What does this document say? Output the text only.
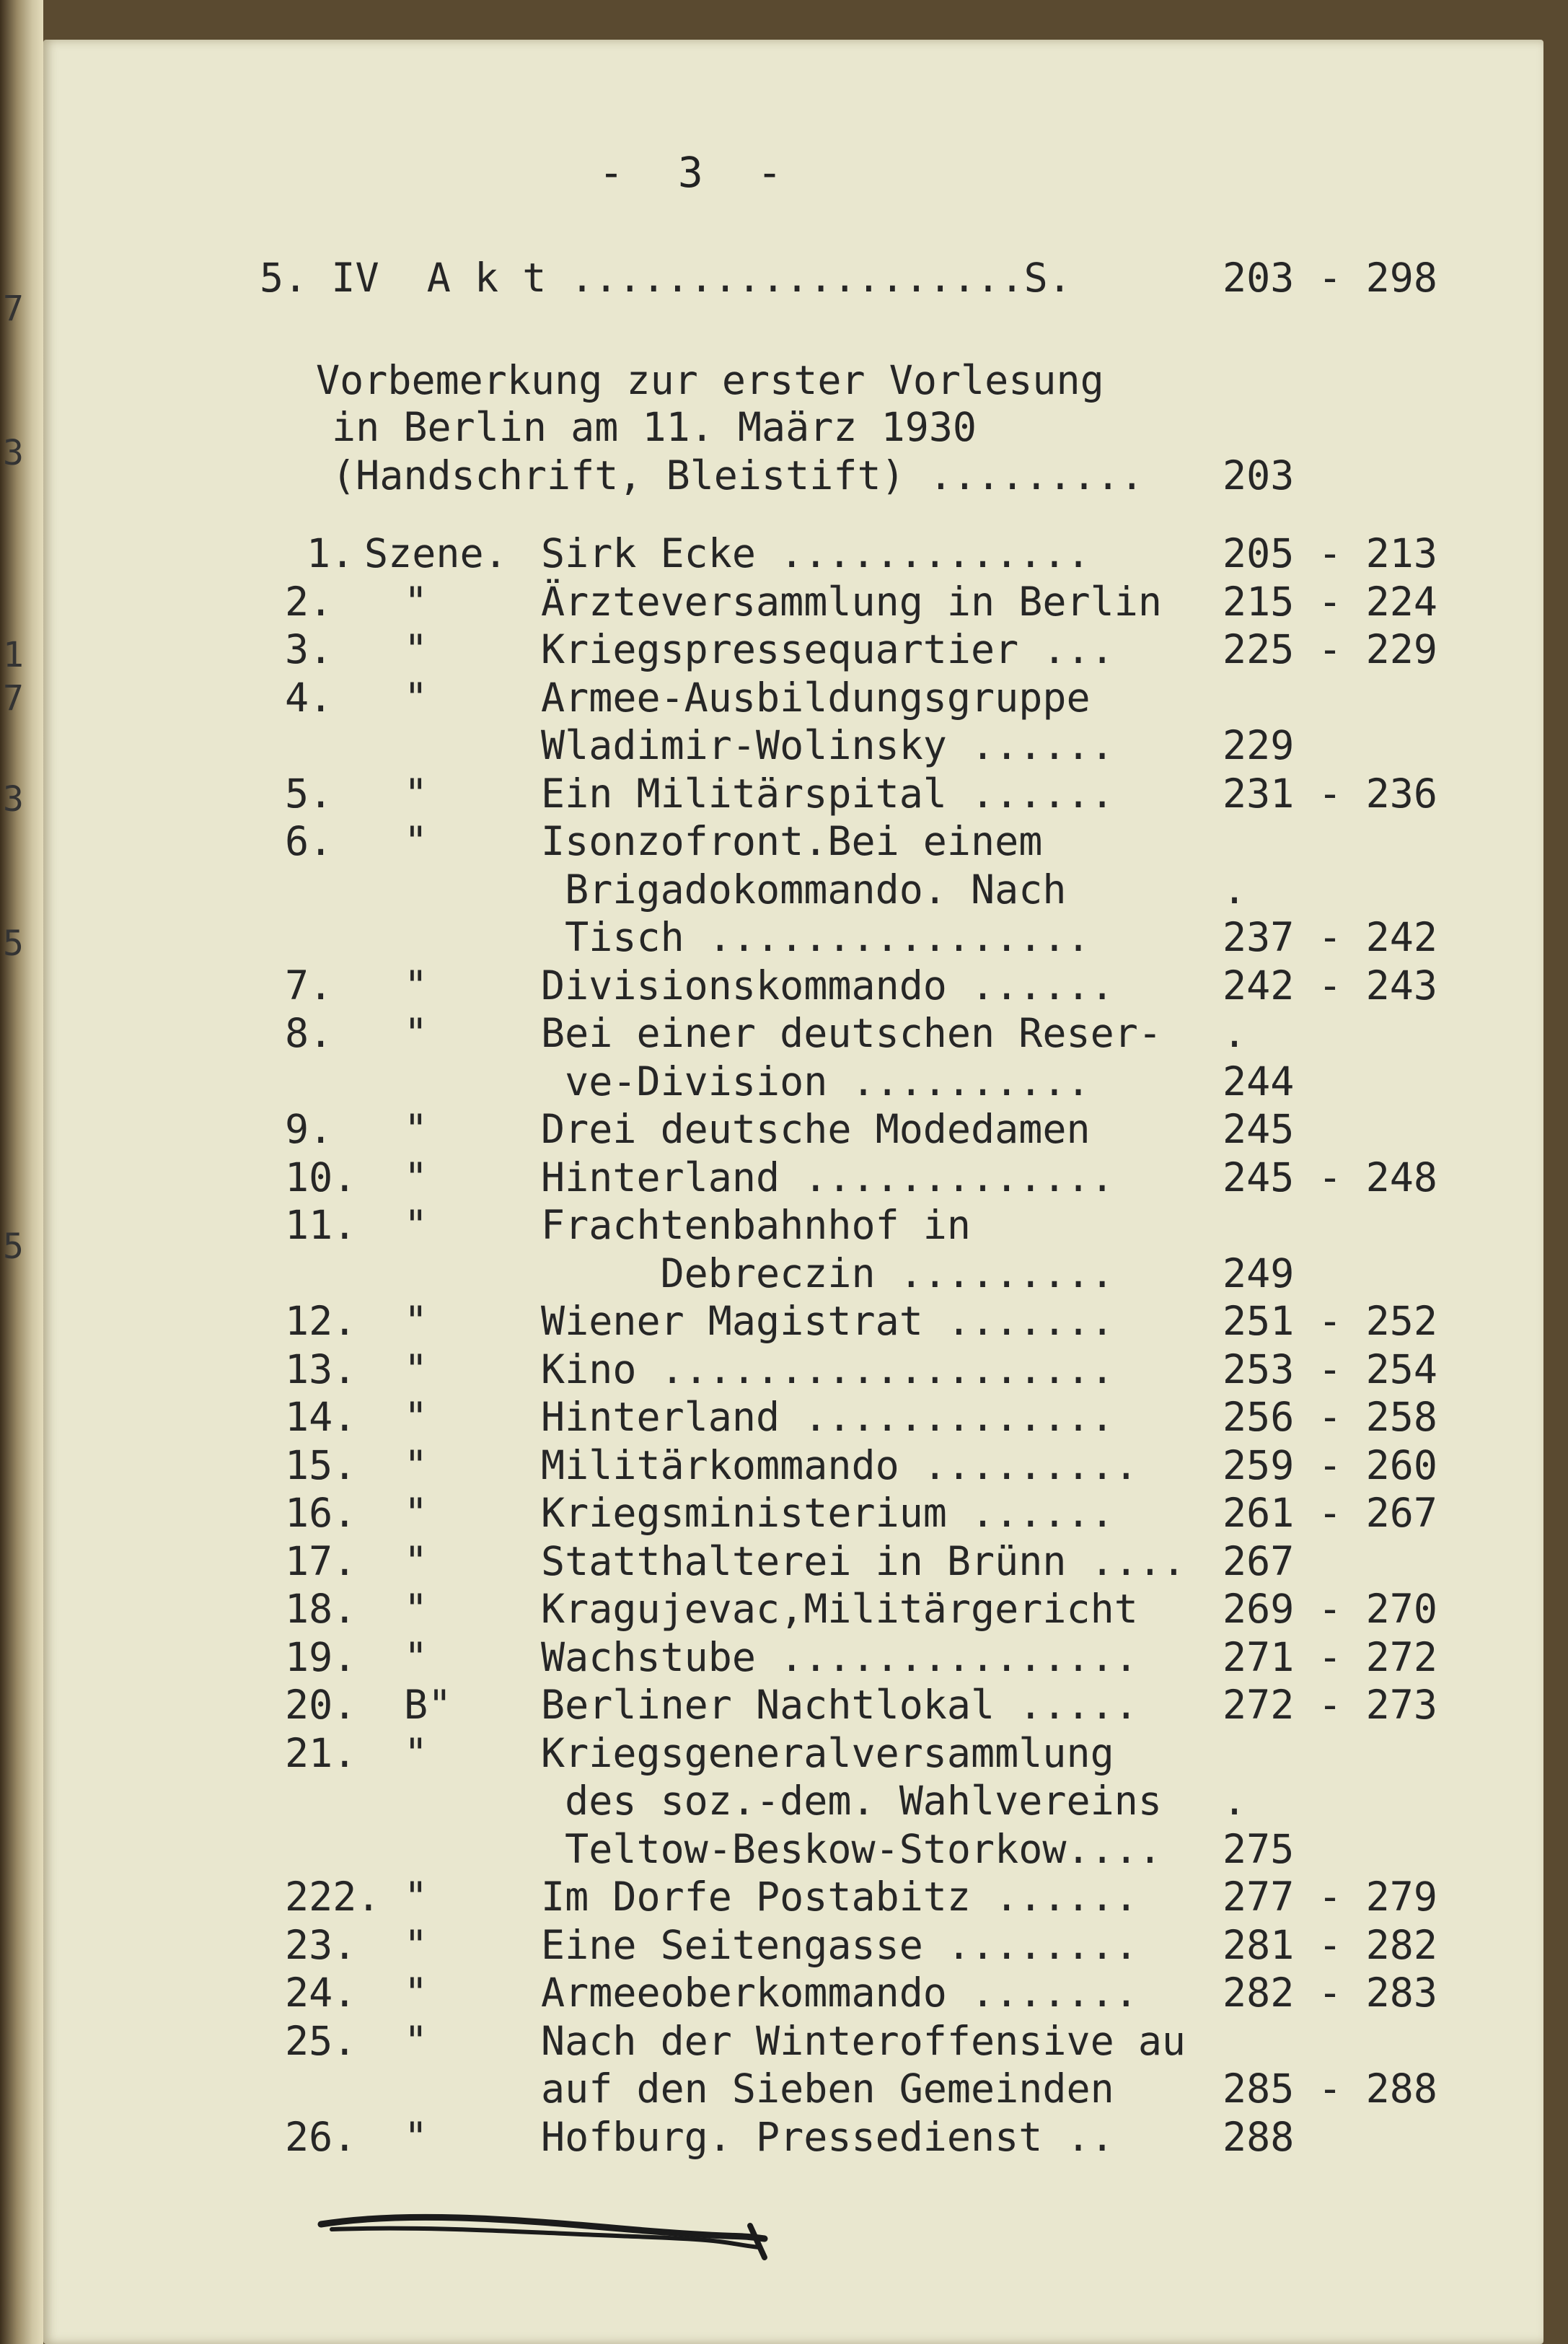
7
3
1
7
3
5
5
- 3 -
5. IV  A k t ...................S.	203 - 298
Vorbemerkung zur erster Vorlesung
in Berlin am 11. Maärz 1930
(Handschrift, Bleistift) ......... 203
1. Szene. Sirk Ecke .............	205 - 213
2. "	Ärzteversammlung in Berlin 215 - 224
3. "	Kriegspressequartier ...	225 - 229
4. "	Armee-Ausbildungsgruppe
Wladimir-Wolinsky ......	229
5. "	Ein Militärspital ......	231 - 236
6. "	Isonzofront.Bei einem
Brigadokommando. Nach	.
Tisch ................	237 - 242
7. "	Divisionskommando ......	242 - 243
8. "	Bei einer deutschen Reser- .
ve-Division ..........	244
9. "	Drei deutsche Modedamen	245
10. "	Hinterland .............	245 - 248
11. "	Frachtenbahnhof in
Debreczin .........	249
12. "	Wiener Magistrat .......	251 - 252
13. "	Kino ...................	253 - 254
14. "	Hinterland .............	256 - 258
15. "	Militärkommando ......... 259 - 260
16. "	Kriegsministerium ......	261 - 267
17. "	Statthalterei in Brünn .... 267
18. "	Kragujevac,Militärgericht 269 - 270
19. "	Wachstube ............... 271 - 272
20. B" Berliner Nachtlokal ..... 272 - 273
21. "	Kriegsgeneralversammlung
des soz.-dem. Wahlvereins .
Teltow-Beskow-Storkow.... 275
222. "	Im Dorfe Postabitz ...... 277 - 279
23. "	Eine Seitengasse ........ 281 - 282
24. "	Armeeoberkommando ....... 282 - 283
25. "	Nach der Winteroffensive au
auf den Sieben Gemeinden	285 - 288
26. "	Hofburg. Pressedienst ..	288
